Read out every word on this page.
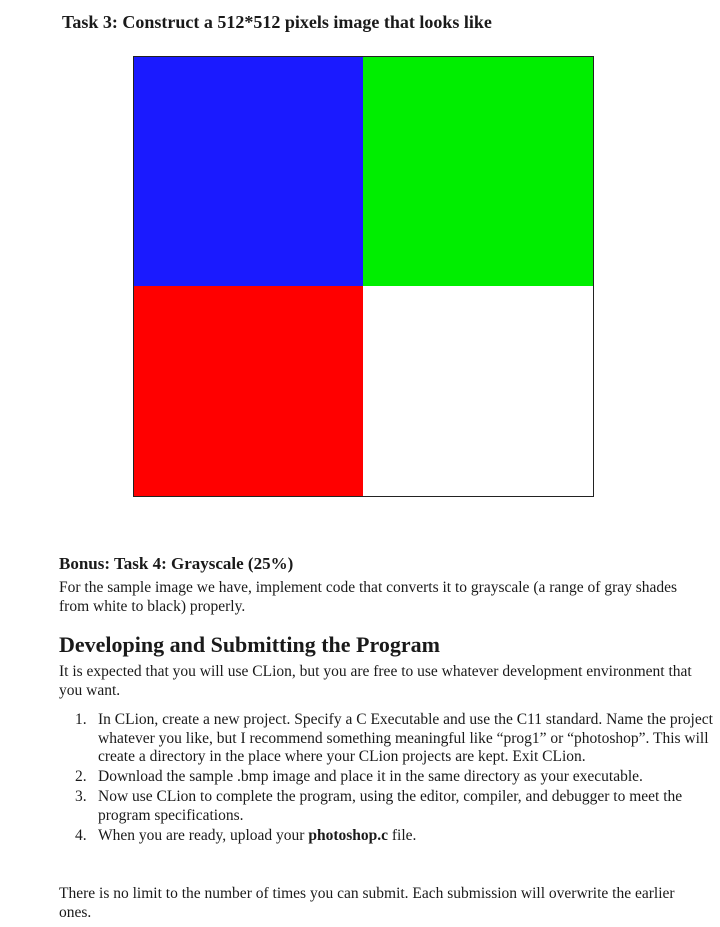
Task 3: Construct a 512*512 pixels image that looks like
Bonus: Task 4: Grayscale (25%)

For the sample image we have, implement code that converts it to grayscale (a range of gray shades from white to black) properly.

Developing and Submitting the Program

It is expected that you will use CLion, but you are free to use whatever development environment that you want.

1. In CLion, create a new project. Specify a C Executable and use the C11 standard. Name the project whatever you like, but I recommend something meaningful like “prog1” or “photoshop”. This will create a directory in the place where your CLion projects are kept. Exit CLion.
2. Download the sample .bmp image and place it in the same directory as your executable.
3. Now use CLion to complete the program, using the editor, compiler, and debugger to meet the program specifications.
4. When you are ready, upload your photoshop.c file.

There is no limit to the number of times you can submit. Each submission will overwrite the earlier ones.
